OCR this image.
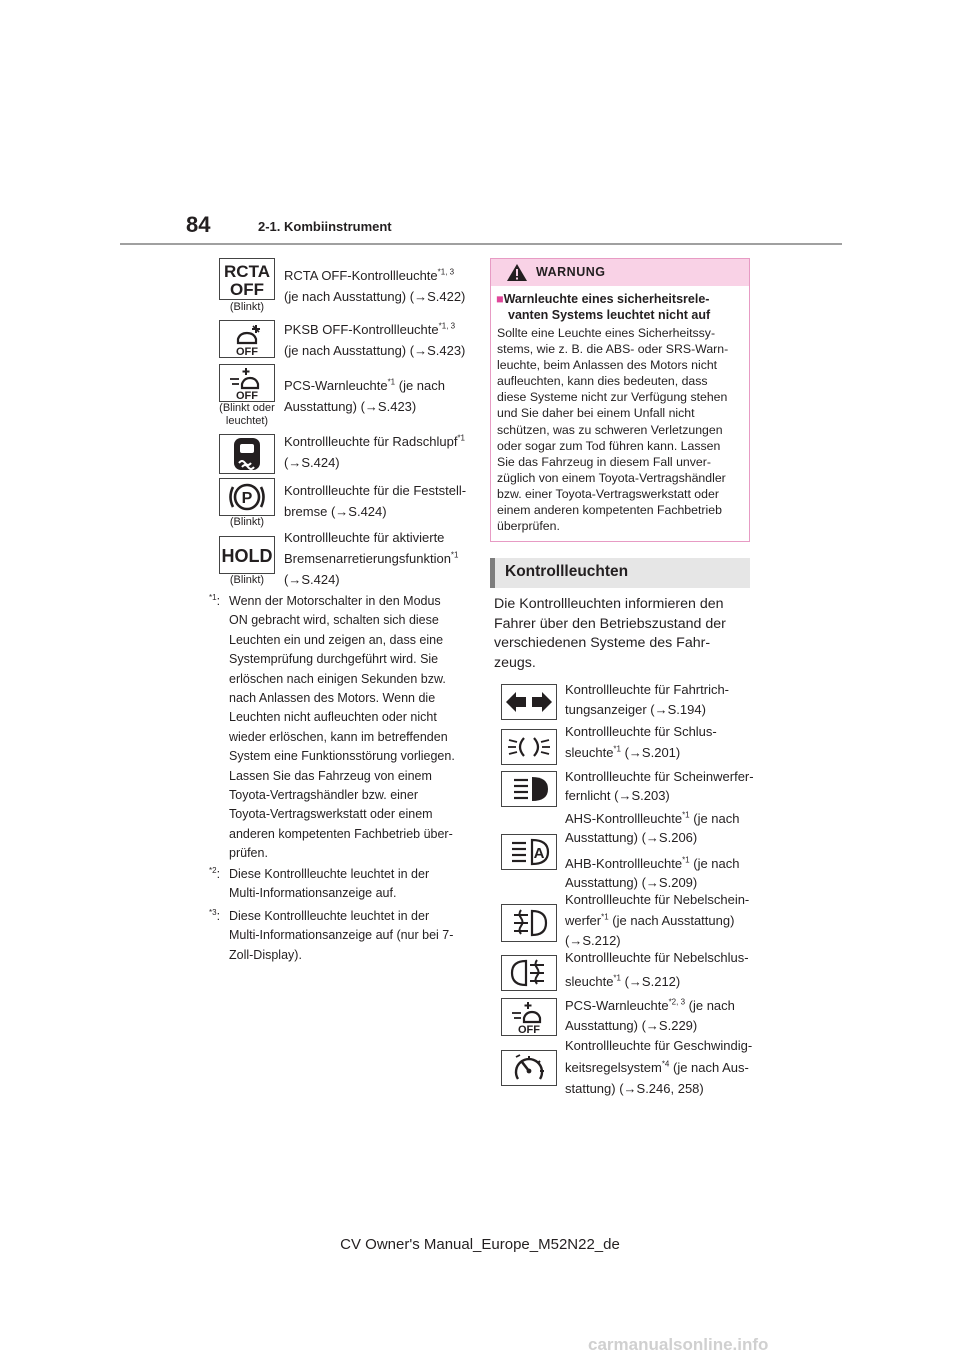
84	2-1. Kombiinstrument
RCTA
OFF
(Blinkt)
RCTA OFF-Kontrollleuchte$^{*1, 3}$
(je nach Ausstattung) (→S.422)
OFF
PKSB OFF-Kontrollleuchte$^{*1, 3}$
(je nach Ausstattung) (→S.423)
OFF
(Blinkt oder
leuchtet)
PCS-Warnleuchte$^{*1}$ (je nach
Ausstattung) (→S.423)
Kontrollleuchte für Radschlupf$^{*1}$
(→S.424)
P
(Blinkt)
Kontrollleuchte für die Feststell-
bremse (→S.424)
HOLD
(Blinkt)
Kontrollleuchte für aktivierte
Bremsenarretierungsfunktion$^{*1}$
(→S.424)
$^{*1}$: Wenn der Motorschalter in den Modus
ON gebracht wird, schalten sich diese
Leuchten ein und zeigen an, dass eine
Systemprüfung durchgeführt wird. Sie
erlöschen nach einigen Sekunden bzw.
nach Anlassen des Motors. Wenn die
Leuchten nicht aufleuchten oder nicht
wieder erlöschen, kann im betreffenden
System eine Funktionsstörung vorliegen.
Lassen Sie das Fahrzeug von einem
Toyota-Vertragshändler bzw. einer
Toyota-Vertragswerkstatt oder einem
anderen kompetenten Fachbetrieb über-
prüfen.
$^{*2}$: Diese Kontrollleuchte leuchtet in der
Multi-Informationsanzeige auf.
$^{*3}$: Diese Kontrollleuchte leuchtet in der
Multi-Informationsanzeige auf (nur bei 7-
Zoll-Display).
WARNUNG
■Warnleuchte eines sicherheitsrele-
vanten Systems leuchtet nicht auf
Sollte eine Leuchte eines Sicherheitssy-
stems, wie z. B. die ABS- oder SRS-Warn-
leuchte, beim Anlassen des Motors nicht
aufleuchten, kann dies bedeuten, dass
diese Systeme nicht zur Verfügung stehen
und Sie daher bei einem Unfall nicht
schützen, was zu schweren Verletzungen
oder sogar zum Tod führen kann. Lassen
Sie das Fahrzeug in diesem Fall unver-
züglich von einem Toyota-Vertragshändler
bzw. einer Toyota-Vertragswerkstatt oder
einem anderen kompetenten Fachbetrieb
überprüfen.
Kontrollleuchten
Die Kontrollleuchten informieren den
Fahrer über den Betriebszustand der
verschiedenen Systeme des Fahr-
zeugs.
Kontrollleuchte für Fahrtrich-
tungsanzeiger (→S.194)
Kontrollleuchte für Schlus-
sleuchte$^{*1}$ (→S.201)
Kontrollleuchte für Scheinwerfer-
fernlicht (→S.203)
A
AHS-Kontrollleuchte$^{*1}$ (je nach
Ausstattung) (→S.206)
AHB-Kontrollleuchte$^{*1}$ (je nach
Ausstattung) (→S.209)
Kontrollleuchte für Nebelschein-
werfer$^{*1}$ (je nach Ausstattung)
(→S.212)
Kontrollleuchte für Nebelschlus-
sleuchte$^{*1}$ (→S.212)
OFF
PCS-Warnleuchte$^{*2, 3}$ (je nach
Ausstattung) (→S.229)
Kontrollleuchte für Geschwindig-
keitsregelsystem$^{*4}$ (je nach Aus-
stattung) (→S.246, 258)
CV Owner's Manual_Europe_M52N22_de
carmanualsonline.info
